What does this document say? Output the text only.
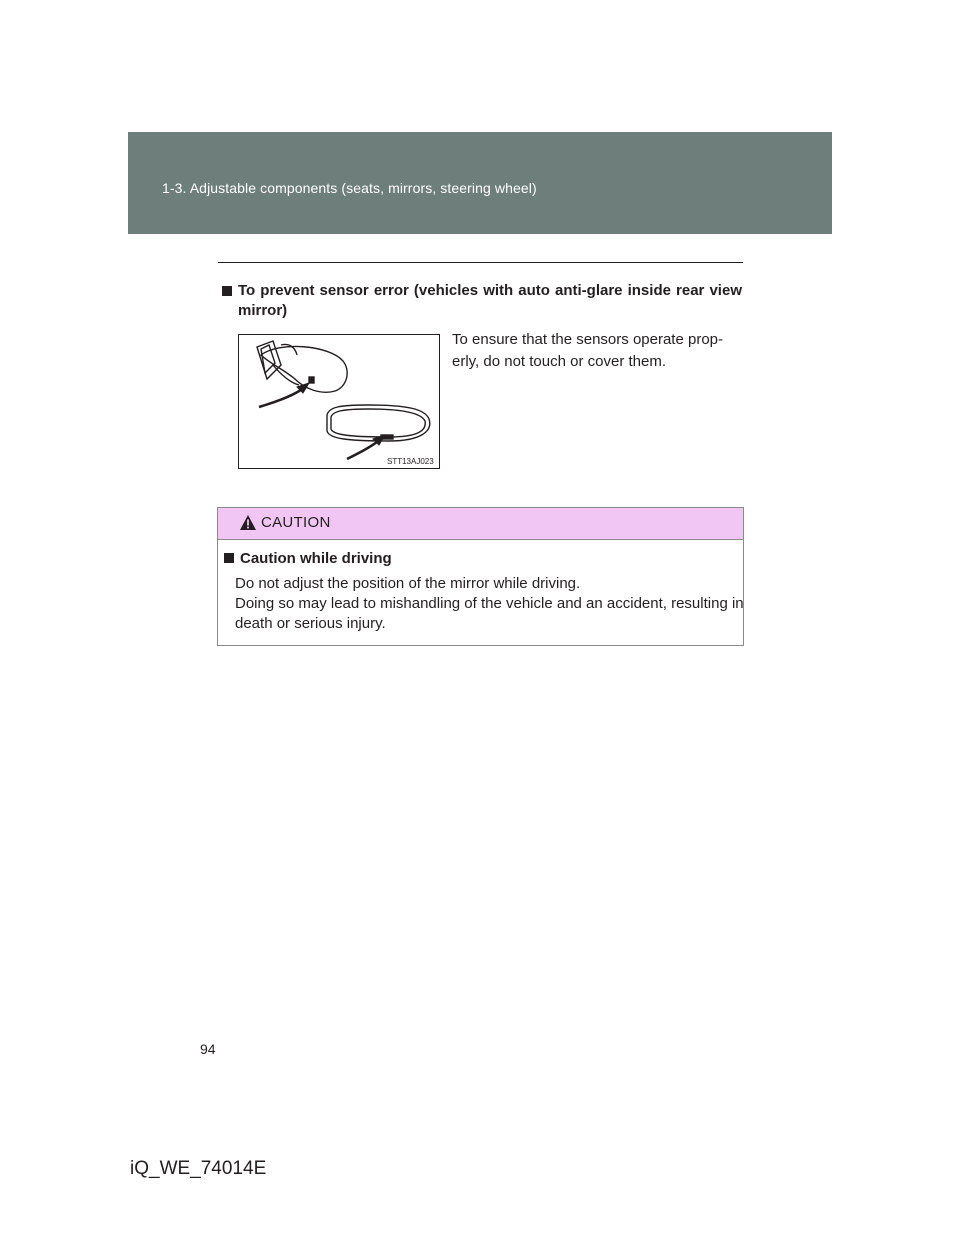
1-3. Adjustable components (seats, mirrors, steering wheel)
To prevent sensor error (vehicles with auto anti-glare inside rear view mirror)
STT13AJ023
To ensure that the sensors operate prop-erly, do not touch or cover them.
CAUTION
Caution while driving
Do not adjust the position of the mirror while driving.
Doing so may lead to mishandling of the vehicle and an accident, resulting in
death or serious injury.
94
iQ_WE_74014E
